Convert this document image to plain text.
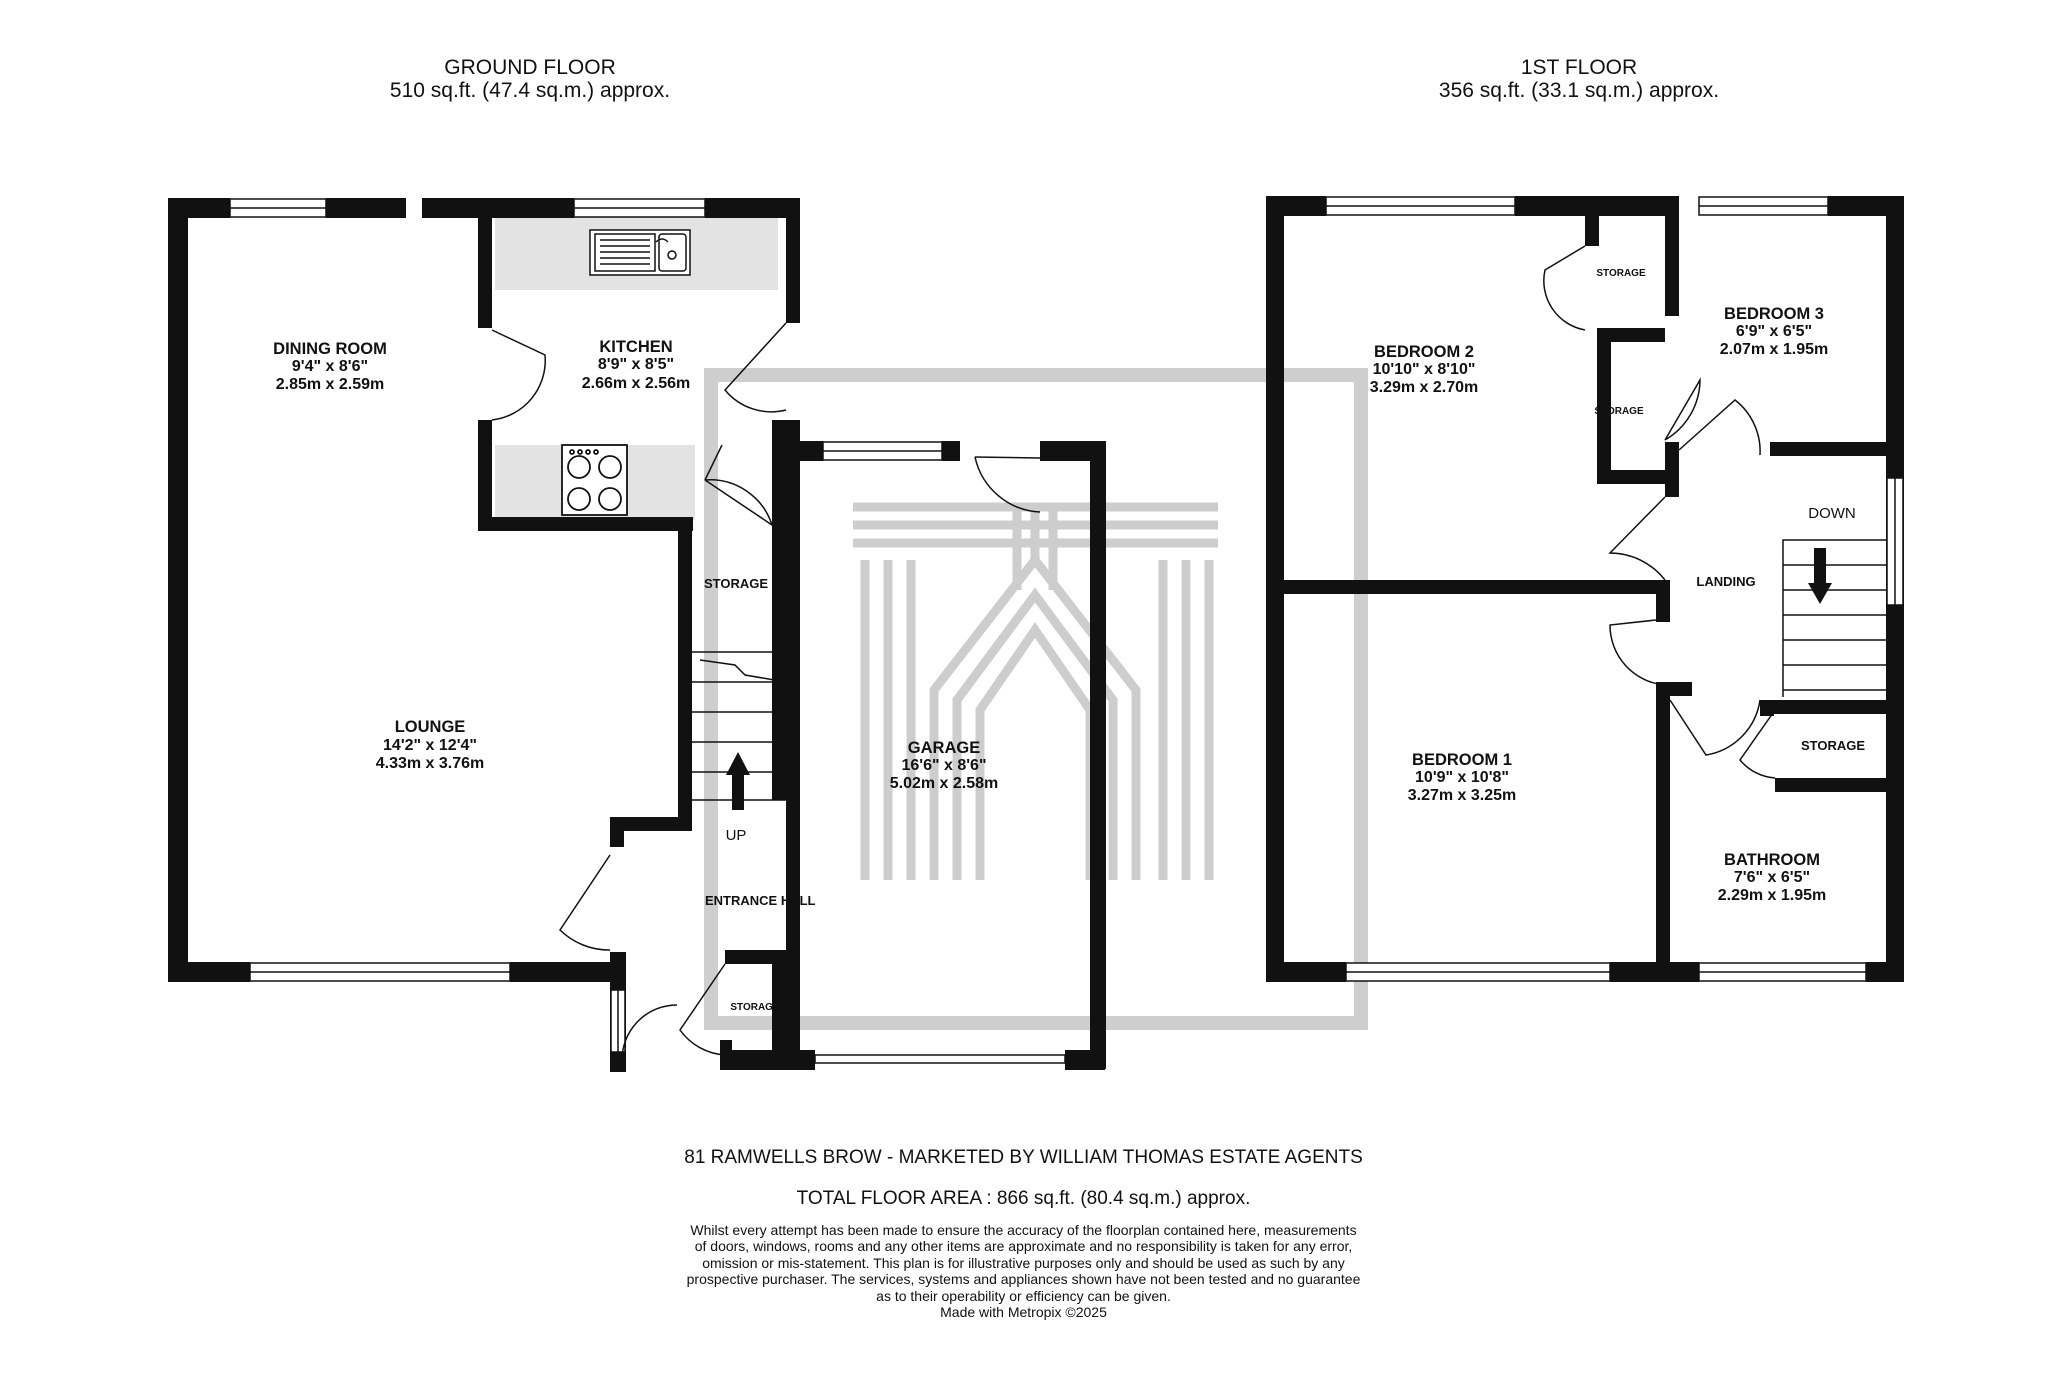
GROUND FLOOR
510 sq.ft. (47.4 sq.m.) approx.
1ST FLOOR
356 sq.ft. (33.1 sq.m.) approx.
DINING ROOM
9'4" x 8'6"
2.85m x 2.59m
KITCHEN
8'9" x 8'5"
2.66m x 2.56m
LOUNGE
14'2" x 12'4"
4.33m x 3.76m
GARAGE
16'6" x 8'6"
5.02m x 2.58m
ENTRANCE HALL
STORAGE
STORAGE
UP
BEDROOM 2
10'10" x 8'10"
3.29m x 2.70m
BEDROOM 3
6'9" x 6'5"
2.07m x 1.95m
BEDROOM 1
10'9" x 10'8"
3.27m x 3.25m
BATHROOM
7'6" x 6'5"
2.29m x 1.95m
LANDING
STORAGE
STORAGE
STORAGE
DOWN
81 RAMWELLS BROW - MARKETED BY WILLIAM THOMAS ESTATE AGENTS
TOTAL FLOOR AREA : 866 sq.ft. (80.4 sq.m.) approx.
Whilst every attempt has been made to ensure the accuracy of the floorplan contained here, measurements
of doors, windows, rooms and any other items are approximate and no responsibility is taken for any error,
omission or mis-statement. This plan is for illustrative purposes only and should be used as such by any
prospective purchaser. The services, systems and appliances shown have not been tested and no guarantee
as to their operability or efficiency can be given.
Made with Metropix ©2025
